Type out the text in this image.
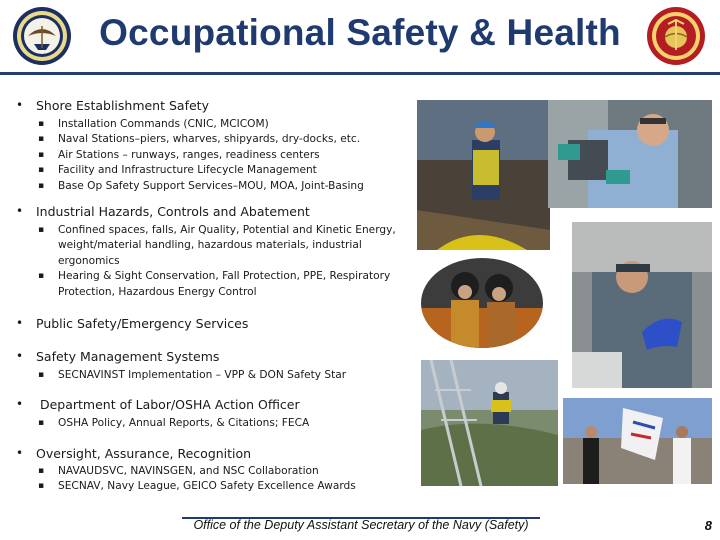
Occupational Safety & Health
• Shore Establishment Safety
▪ Installation Commands (CNIC, MCICOM)
▪ Naval Stations–piers, wharves, shipyards, dry-docks, etc.
▪ Air Stations – runways, ranges, readiness centers
▪ Facility and Infrastructure Lifecycle Management
▪ Base Op Safety Support Services–MOU, MOA, Joint-Basing
• Industrial Hazards, Controls and Abatement
▪ Confined spaces, falls, Air Quality, Potential and Kinetic Energy, weight/material handling, hazardous materials, industrial ergonomics
▪ Hearing & Sight Conservation, Fall Protection, PPE, Respiratory Protection, Hazardous Energy Control
• Public Safety/Emergency Services
• Safety Management Systems
▪ SECNAVINST Implementation – VPP & DON Safety Star
• Department of Labor/OSHA Action Officer
▪ OSHA Policy, Annual Reports, & Citations; FECA
• Oversight, Assurance, Recognition
▪ NAVAUDSVC, NAVINSGEN, and NSC Collaboration
▪ SECNAV, Navy League, GEICO Safety Excellence Awards
Office of the Deputy Assistant Secretary of the Navy (Safety)	8
